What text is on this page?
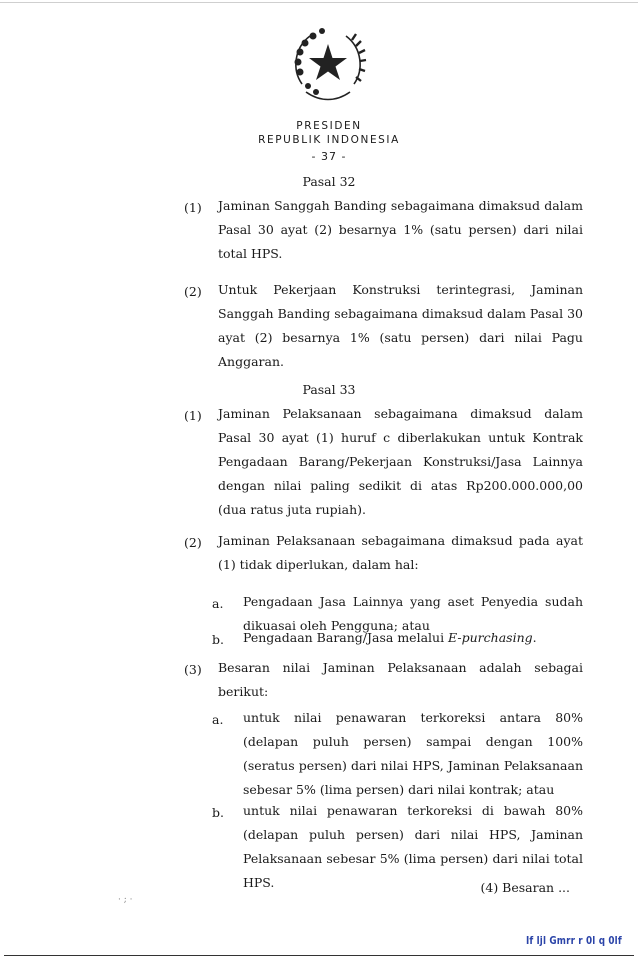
PRESIDEN
REPUBLIK INDONESIA
- 37 -
Pasal 32
(1) Jaminan Sanggah Banding sebagaimana dimaksud dalam Pasal 30 ayat (2) besarnya 1% (satu persen) dari nilai total HPS.
(2) Untuk Pekerjaan Konstruksi terintegrasi, Jaminan Sanggah Banding sebagaimana dimaksud dalam Pasal 30 ayat (2) besarnya 1% (satu persen) dari nilai Pagu Anggaran.
Pasal 33
(1) Jaminan Pelaksanaan sebagaimana dimaksud dalam Pasal 30 ayat (1) huruf c diberlakukan untuk Kontrak Pengadaan Barang/Pekerjaan Konstruksi/Jasa Lainnya dengan nilai paling sedikit di atas Rp200.000.000,00 (dua ratus juta rupiah).
(2) Jaminan Pelaksanaan sebagaimana dimaksud pada ayat (1) tidak diperlukan, dalam hal:
a. Pengadaan Jasa Lainnya yang aset Penyedia sudah dikuasai oleh Pengguna; atau
b. Pengadaan Barang/Jasa melalui E-purchasing.
(3) Besaran nilai Jaminan Pelaksanaan adalah sebagai berikut:
a. untuk nilai penawaran terkoreksi antara 80% (delapan puluh persen) sampai dengan 100% (seratus persen) dari nilai HPS, Jaminan Pelaksanaan sebesar 5% (lima persen) dari nilai kontrak; atau
b. untuk nilai penawaran terkoreksi di bawah 80% (delapan puluh persen) dari nilai HPS, Jaminan Pelaksanaan sebesar 5% (lima persen) dari nilai total HPS.	(4) Besaran ...
· ; ·
If ljl Gmrr r 0l q 0lf
